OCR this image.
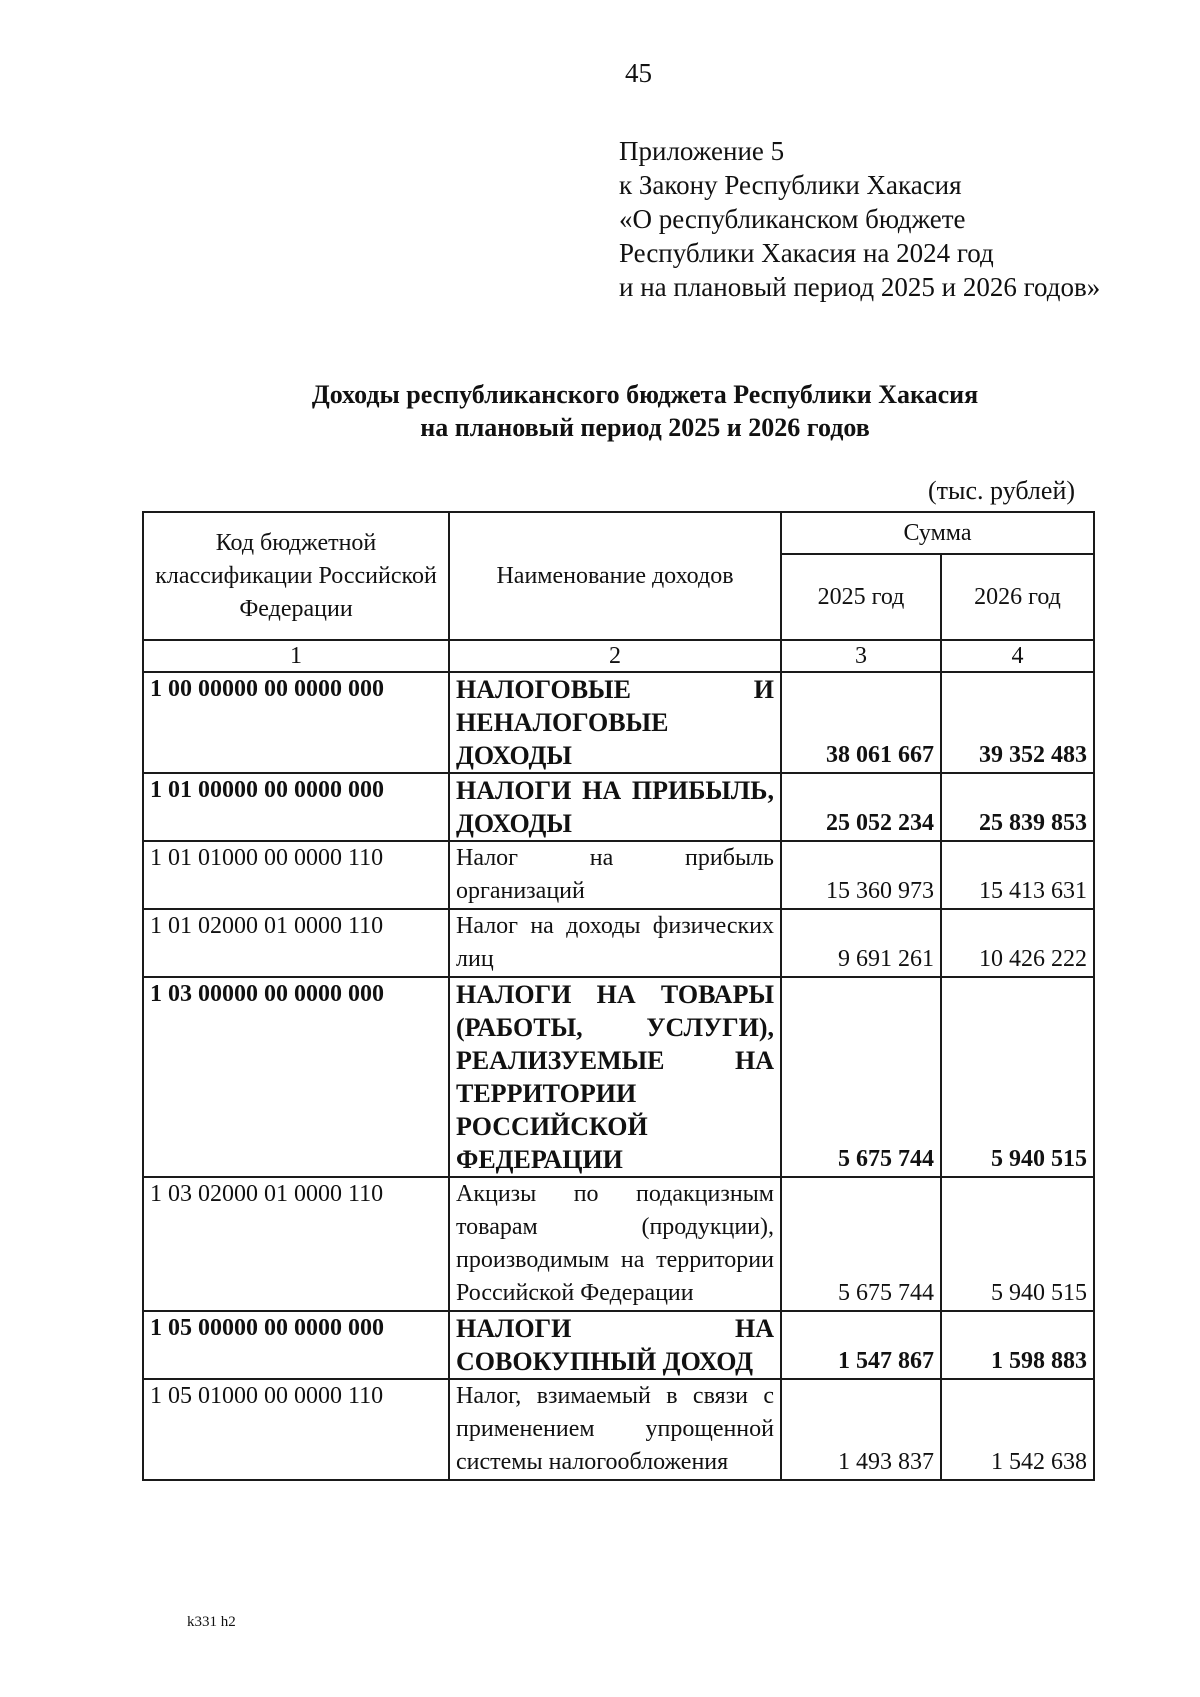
45
Приложение 5
к Закону Республики Хакасия
«О республиканском бюджете
Республики Хакасия на 2024 год
и на плановый период 2025 и 2026 годов»
Доходы республиканского бюджета Республики Хакасия
на плановый период 2025 и 2026 годов
(тыс. рублей)
Код бюджетной классификации Российской Федерации	Наименование доходов	Сумма	
		2025 год	2026 год
1	2	3	4
1 00 00000 00 0000 000	НАЛОГОВЫЕ И НЕНАЛОГОВЫЕ ДОХОДЫ	38 061 667	39 352 483
1 01 00000 00 0000 000	НАЛОГИ НА ПРИБЫЛЬ, ДОХОДЫ	25 052 234	25 839 853
1 01 01000 00 0000 110	Налог на прибыль организаций	15 360 973	15 413 631
1 01 02000 01 0000 110	Налог на доходы физических лиц	9 691 261	10 426 222
1 03 00000 00 0000 000	НАЛОГИ НА ТОВАРЫ (РАБОТЫ, УСЛУГИ), РЕАЛИЗУЕМЫЕ НА ТЕРРИТОРИИ РОССИЙСКОЙ ФЕДЕРАЦИИ	5 675 744	5 940 515
1 03 02000 01 0000 110	Акцизы по подакцизным товарам (продукции), производимым на территории Российской Федерации	5 675 744	5 940 515
1 05 00000 00 0000 000	НАЛОГИ НА СОВОКУПНЫЙ ДОХОД	1 547 867	1 598 883
1 05 01000 00 0000 110	Налог, взимаемый в связи с применением упрощенной системы налогообложения	1 493 837	1 542 638
k331 h2
